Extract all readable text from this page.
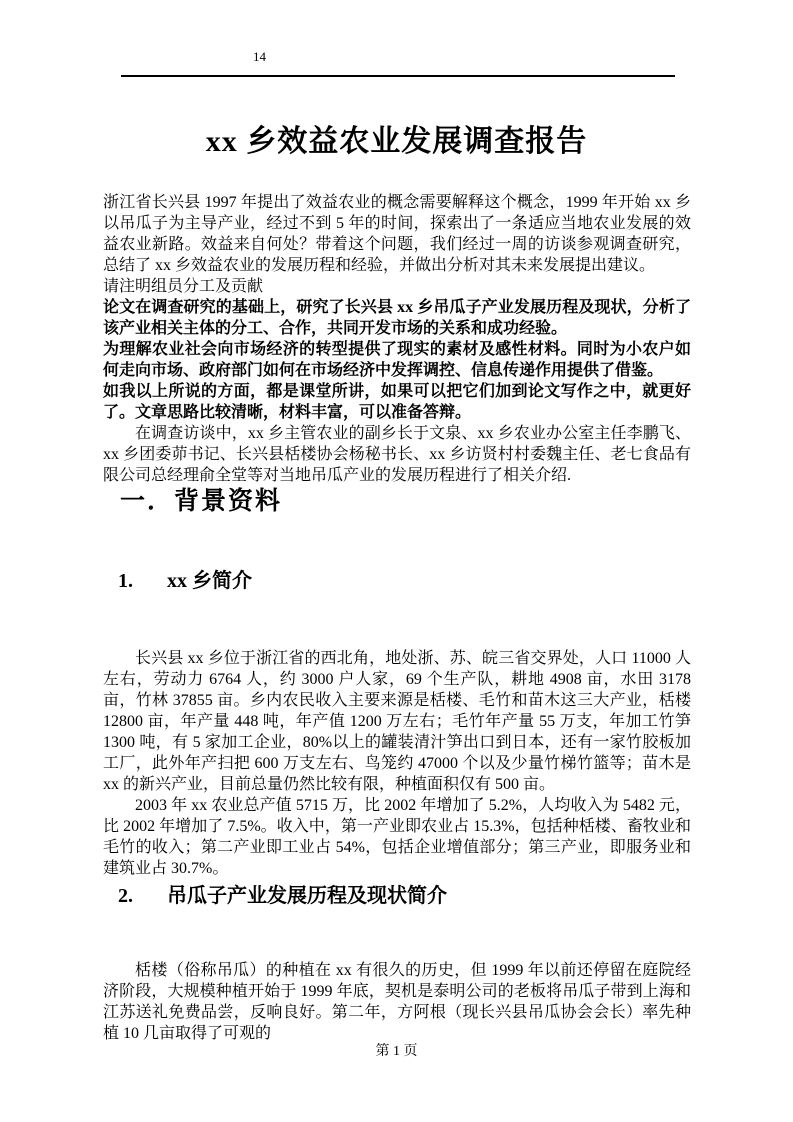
14
xx 乡效益农业发展调查报告

浙江省长兴县 1997 年提出了效益农业的概念需要解释这个概念，1999 年开始 xx 乡以吊瓜子为主导产业，经过不到 5 年的时间，探索出了一条适应当地农业发展的效益农业新路。效益来自何处？带着这个问题，我们经过一周的访谈参观调查研究，总结了 xx 乡效益农业的发展历程和经验，并做出分析对其未来发展提出建议。

请注明组员分工及贡献

论文在调查研究的基础上，研究了长兴县 xx 乡吊瓜子产业发展历程及现状，分析了该产业相关主体的分工、合作，共同开发市场的关系和成功经验。

为理解农业社会向市场经济的转型提供了现实的素材及感性材料。同时为小农户如何走向市场、政府部门如何在市场经济中发挥调控、信息传递作用提供了借鉴。

如我以上所说的方面，都是课堂所讲，如果可以把它们加到论文写作之中，就更好了。文章思路比较清晰，材料丰富，可以准备答辩。

在调查访谈中，xx 乡主管农业的副乡长于文泉、xx 乡农业办公室主任李鹏飞、xx 乡团委茆书记、长兴县栝楼协会杨秘书长、xx 乡访贤村村委魏主任、老七食品有限公司总经理俞全堂等对当地吊瓜产业的发展历程进行了相关介绍.

一．背景资料
1. xx 乡简介

长兴县 xx 乡位于浙江省的西北角，地处浙、苏、皖三省交界处，人口 11000 人左右，劳动力 6764 人，约 3000 户人家，69 个生产队，耕地 4908 亩，水田 3178 亩，竹林 37855 亩。乡内农民收入主要来源是栝楼、毛竹和苗木这三大产业，栝楼 12800 亩，年产量 448 吨，年产值 1200 万左右；毛竹年产量 55 万支，年加工竹笋 1300 吨，有 5 家加工企业，80%以上的罐装清汁笋出口到日本，还有一家竹胶板加工厂，此外年产扫把 600 万支左右、鸟笼约 47000 个以及少量竹梯竹篮等；苗木是 xx 的新兴产业，目前总量仍然比较有限，种植面积仅有 500 亩。

2003 年 xx 农业总产值 5715 万，比 2002 年增加了 5.2%，人均收入为 5482 元，比 2002 年增加了 7.5%。收入中，第一产业即农业占 15.3%，包括种栝楼、畜牧业和毛竹的收入；第二产业即工业占 54%，包括企业增值部分；第三产业，即服务业和建筑业占 30.7%。

2. 吊瓜子产业发展历程及现状简介

栝楼（俗称吊瓜）的种植在 xx 有很久的历史，但 1999 年以前还停留在庭院经济阶段，大规模种植开始于 1999 年底，契机是泰明公司的老板将吊瓜子带到上海和江苏送礼免费品尝，反响良好。第二年，方阿根（现长兴县吊瓜协会会长）率先种植 10 几亩取得了可观的

第 1 页
